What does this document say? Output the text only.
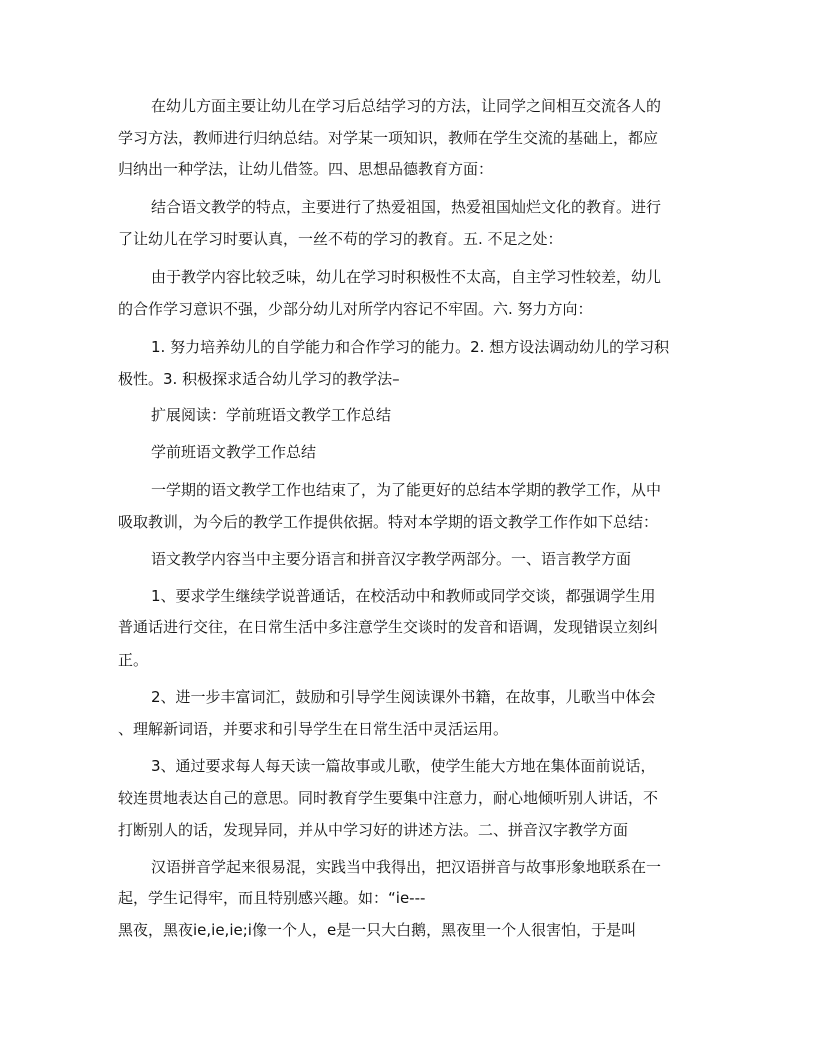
在幼儿方面主要让幼儿在学习后总结学习的方法，让同学之间相互交流各人的

学习方法，教师进行归纳总结。对学某一项知识，教师在学生交流的基础上，都应

归纳出一种学法，让幼儿借签。四、思想品德教育方面：

结合语文教学的特点，主要进行了热爱祖国，热爱祖国灿烂文化的教育。进行

了让幼儿在学习时要认真，一丝不苟的学习的教育。五. 不足之处：

由于教学内容比较乏味，幼儿在学习时积极性不太高，自主学习性较差，幼儿

的合作学习意识不强，少部分幼儿对所学内容记不牢固。六. 努力方向：

1. 努力培养幼儿的自学能力和合作学习的能力。2. 想方设法调动幼儿的学习积

极性。3. 积极探求适合幼儿学习的教学法–

扩展阅读：学前班语文教学工作总结

学前班语文教学工作总结

一学期的语文教学工作也结束了，为了能更好的总结本学期的教学工作，从中

吸取教训，为今后的教学工作提供依据。特对本学期的语文教学工作作如下总结：

语文教学内容当中主要分语言和拼音汉字教学两部分。一、语言教学方面

1、要求学生继续学说普通话，在校活动中和教师或同学交谈，都强调学生用

普通话进行交往，在日常生活中多注意学生交谈时的发音和语调，发现错误立刻纠

正。

2、进一步丰富词汇，鼓励和引导学生阅读课外书籍，在故事，儿歌当中体会

、理解新词语，并要求和引导学生在日常生活中灵活运用。

3、通过要求每人每天读一篇故事或儿歌，使学生能大方地在集体面前说话，

较连贯地表达自己的意思。同时教育学生要集中注意力，耐心地倾听别人讲话，不

打断别人的话，发现异同，并从中学习好的讲述方法。二、拼音汉字教学方面

汉语拼音学起来很易混，实践当中我得出，把汉语拼音与故事形象地联系在一

起，学生记得牢，而且特别感兴趣。如：“ie---

黑夜，黑夜ie,ie,ie;i像一个人，e是一只大白鹅，黑夜里一个人很害怕，于是叫
